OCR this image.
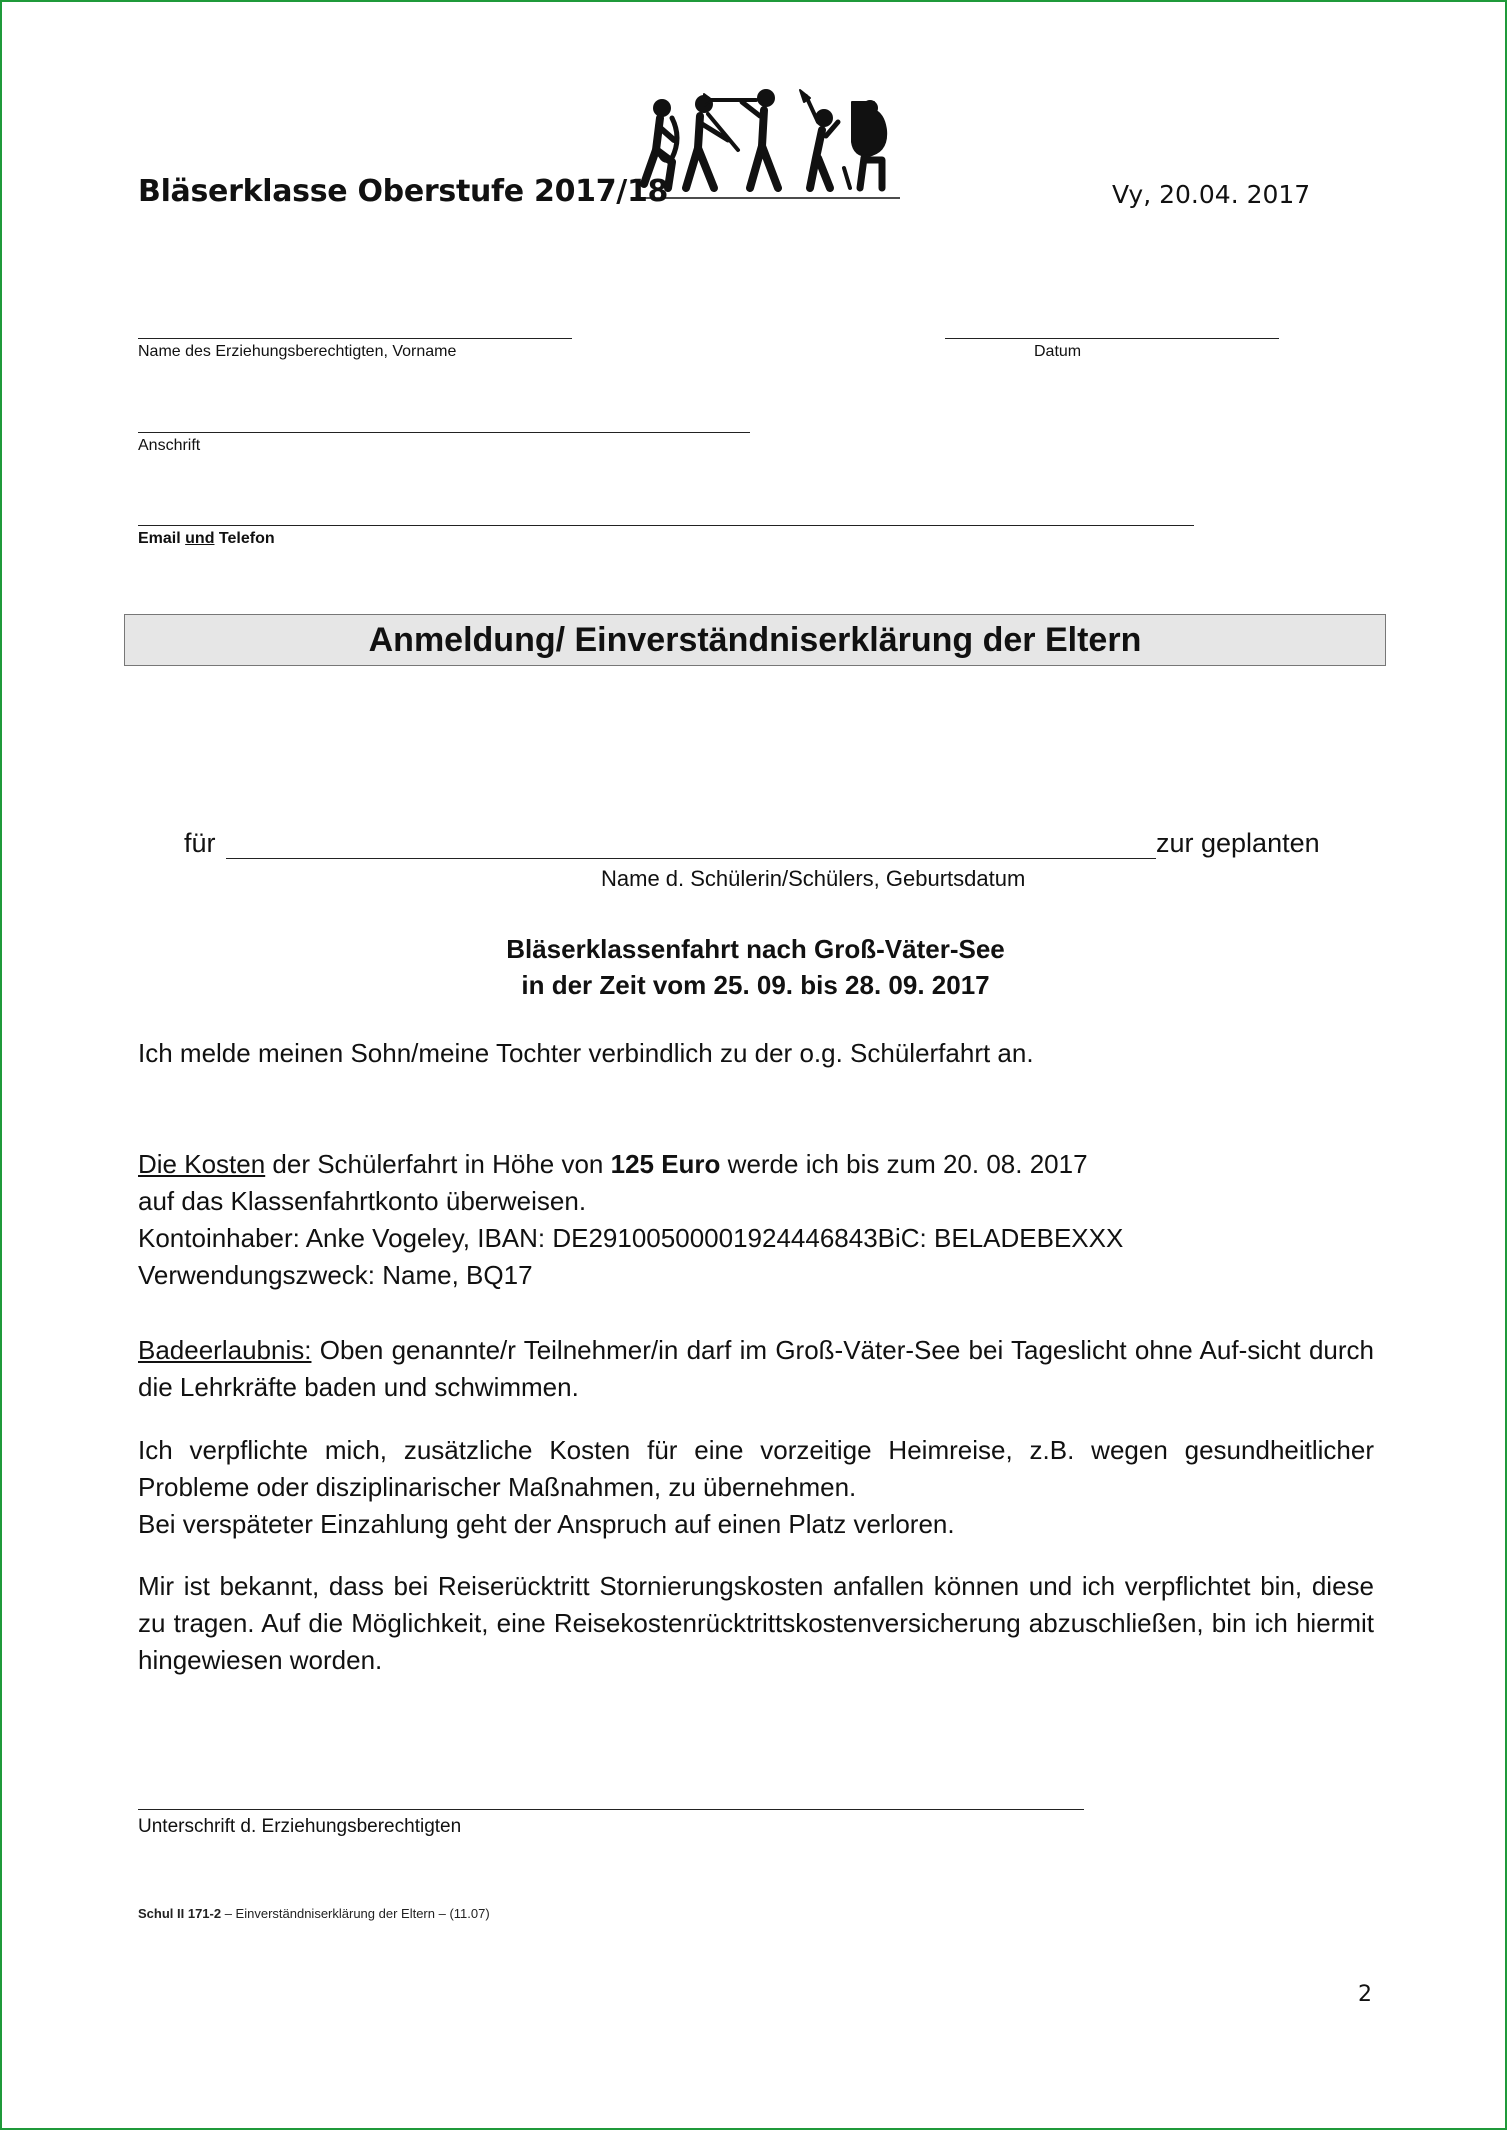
Bläserklasse Oberstufe 2017/18	Vy, 20.04. 2017
Name des Erziehungsberechtigten, Vorname	Datum
Anschrift
Email und Telefon
Anmeldung/ Einverständniserklärung der Eltern
für	zur geplanten
Name d. Schülerin/Schülers, Geburtsdatum
Bläserklassenfahrt nach Groß-Väter-See
in der Zeit vom 25. 09. bis 28. 09. 2017
Ich melde meinen Sohn/meine Tochter verbindlich zu der o.g. Schülerfahrt an.
Die Kosten der Schülerfahrt in Höhe von 125 Euro werde ich bis zum 20. 08. 2017
auf das Klassenfahrtkonto überweisen.
Kontoinhaber: Anke Vogeley, IBAN: DE29100500001924446843BiC: BELADEBEXXX
Verwendungszweck: Name, BQ17
Badeerlaubnis: Oben genannte/r Teilnehmer/in darf im Groß-Väter-See bei Tageslicht ohne Auf-sicht durch die Lehrkräfte baden und schwimmen.
Ich verpflichte mich, zusätzliche Kosten für eine vorzeitige Heimreise, z.B. wegen gesundheitlicher Probleme oder disziplinarischer Maßnahmen, zu übernehmen.
Bei verspäteter Einzahlung geht der Anspruch auf einen Platz verloren.
Mir ist bekannt, dass bei Reiserücktritt Stornierungskosten anfallen können und ich verpflichtet bin, diese zu tragen. Auf die Möglichkeit, eine Reisekostenrücktrittskostenversicherung abzuschließen, bin ich hiermit hingewiesen worden.
Unterschrift d. Erziehungsberechtigten
Schul II 171-2 – Einverständniserklärung der Eltern – (11.07)
2
